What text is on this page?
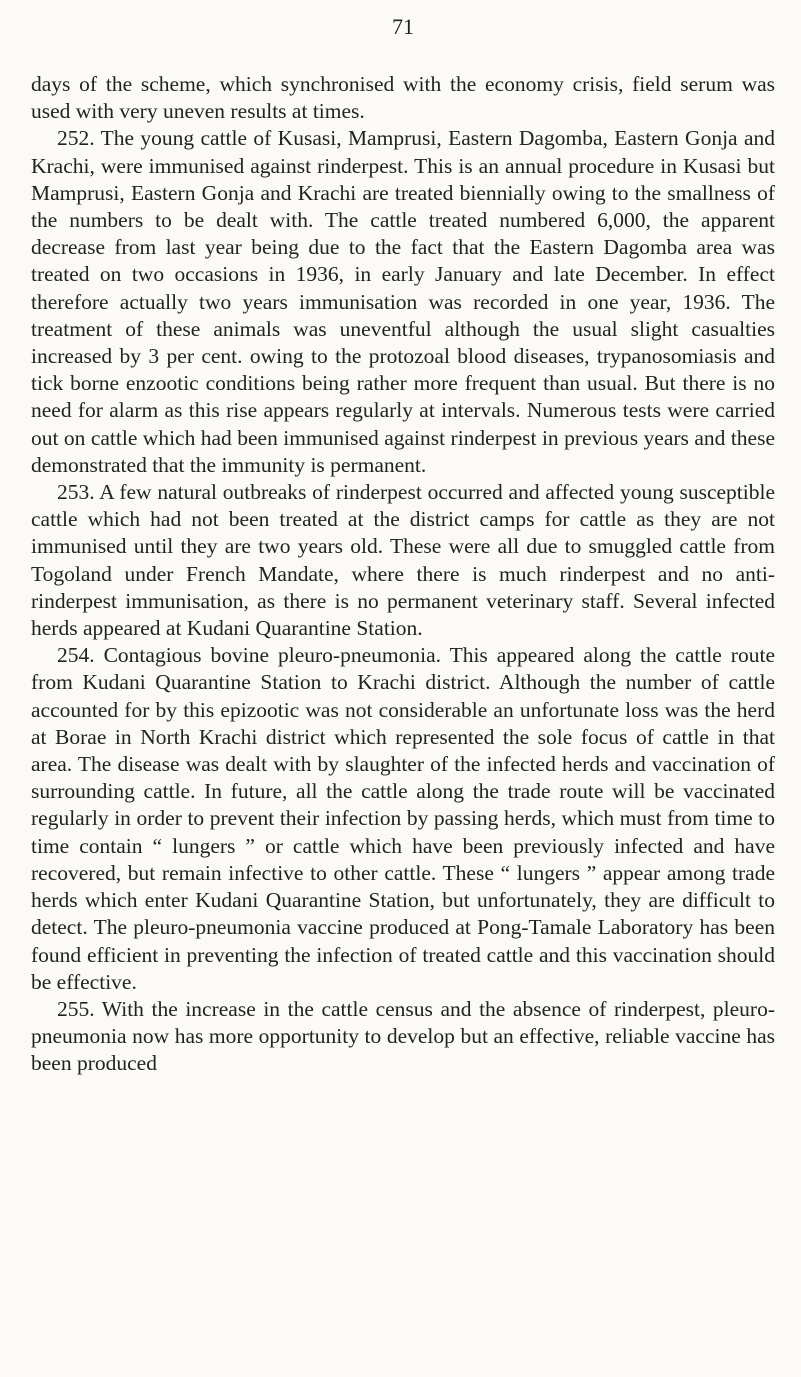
71

days of the scheme, which synchronised with the economy crisis, field serum was used with very uneven results at times.

252. The young cattle of Kusasi, Mamprusi, Eastern Dagomba, Eastern Gonja and Krachi, were immunised against rinderpest. This is an annual procedure in Kusasi but Mamprusi, Eastern Gonja and Krachi are treated biennially owing to the smallness of the numbers to be dealt with. The cattle treated numbered 6,000, the apparent decrease from last year being due to the fact that the Eastern Dagomba area was treated on two occasions in 1936, in early January and late December. In effect therefore actually two years immunisation was recorded in one year, 1936. The treatment of these animals was uneventful although the usual slight casualties increased by 3 per cent. owing to the protozoal blood diseases, trypanosomiasis and tick borne enzootic conditions being rather more frequent than usual. But there is no need for alarm as this rise appears regularly at intervals. Numerous tests were carried out on cattle which had been immunised against rinderpest in previous years and these demonstrated that the immunity is permanent.

253. A few natural outbreaks of rinderpest occurred and affected young susceptible cattle which had not been treated at the district camps for cattle as they are not immunised until they are two years old. These were all due to smuggled cattle from Togoland under French Mandate, where there is much rinderpest and no anti-rinderpest immunisation, as there is no permanent veterinary staff. Several infected herds appeared at Kudani Quarantine Station.

254. Contagious bovine pleuro-pneumonia. This appeared along the cattle route from Kudani Quarantine Station to Krachi district. Although the number of cattle accounted for by this epizootic was not considerable an unfortunate loss was the herd at Borae in North Krachi district which represented the sole focus of cattle in that area. The disease was dealt with by slaughter of the infected herds and vaccination of surrounding cattle. In future, all the cattle along the trade route will be vaccinated regularly in order to prevent their infection by passing herds, which must from time to time contain “ lungers ” or cattle which have been previously infected and have recovered, but remain infective to other cattle. These “ lungers ” appear among trade herds which enter Kudani Quarantine Station, but unfortunately, they are difficult to detect. The pleuro-pneumonia vaccine produced at Pong-Tamale Laboratory has been found efficient in preventing the infection of treated cattle and this vaccination should be effective.

255. With the increase in the cattle census and the absence of rinderpest, pleuro-pneumonia now has more opportunity to develop but an effective, reliable vaccine has been produced
